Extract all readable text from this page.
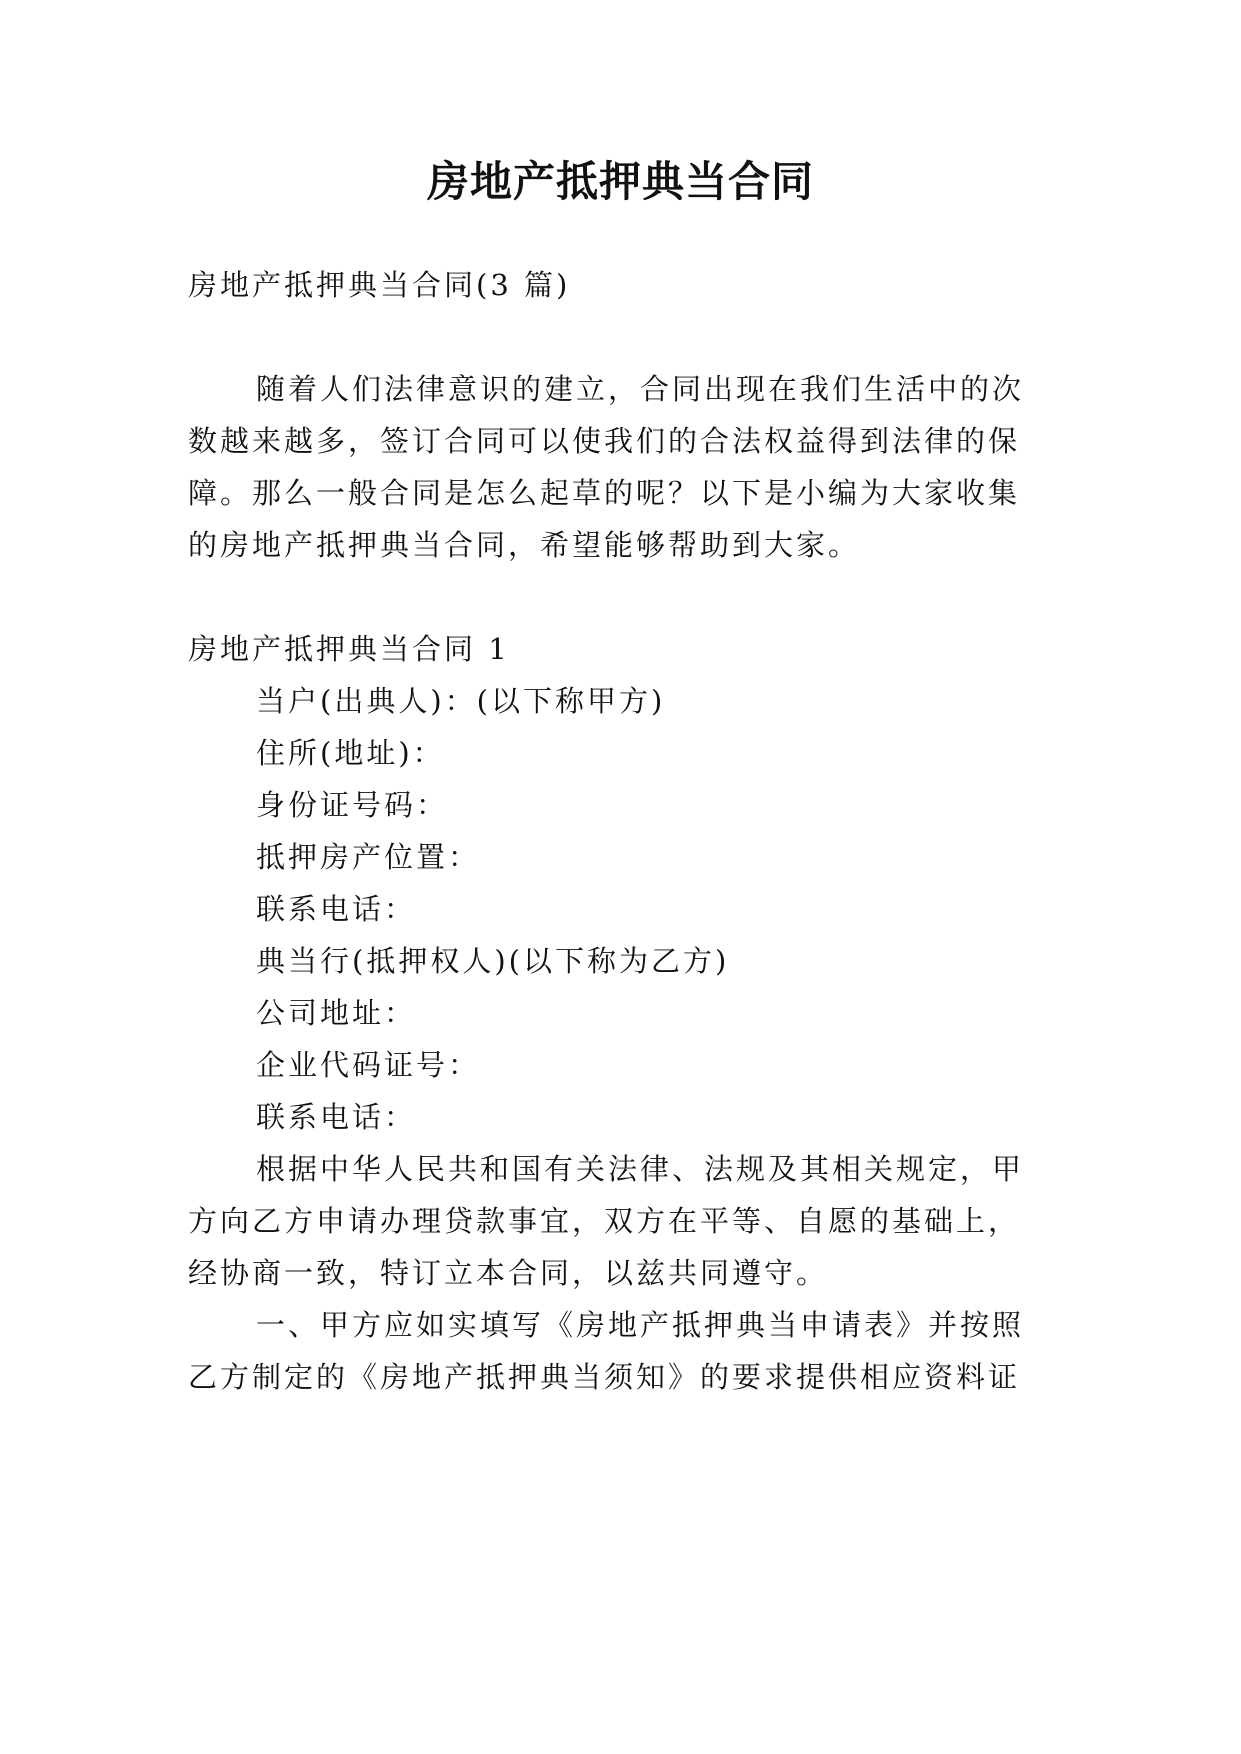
房地产抵押典当合同
房地产抵押典当合同(3 篇)
随着人们法律意识的建立，合同出现在我们生活中的次
数越来越多，签订合同可以使我们的合法权益得到法律的保
障。那么一般合同是怎么起草的呢？以下是小编为大家收集
的房地产抵押典当合同，希望能够帮助到大家。
房地产抵押典当合同 1
当户(出典人)：(以下称甲方)
住所(地址)：
身份证号码：
抵押房产位置：
联系电话：
典当行(抵押权人)(以下称为乙方)
公司地址：
企业代码证号：
联系电话：
根据中华人民共和国有关法律、法规及其相关规定，甲
方向乙方申请办理贷款事宜，双方在平等、自愿的基础上，
经协商一致，特订立本合同，以兹共同遵守。
一、甲方应如实填写《房地产抵押典当申请表》并按照
乙方制定的《房地产抵押典当须知》的要求提供相应资料证
